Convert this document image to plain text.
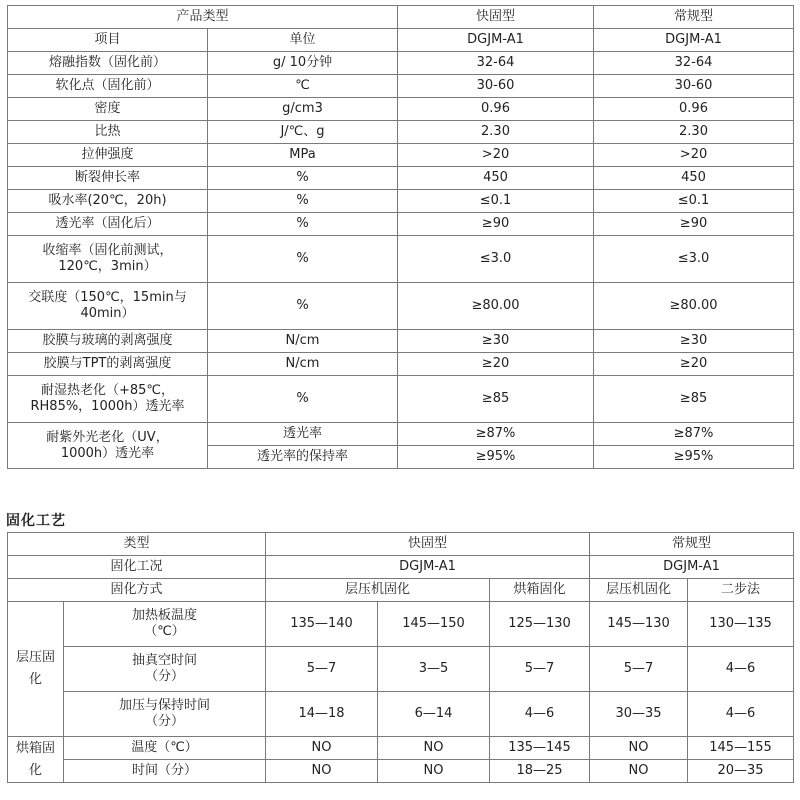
产品类型		快固型	常规型
项目	单位	DGJM-A1	DGJM-A1
熔融指数（固化前）	g/ 10分钟	32-64	32-64
软化点（固化前）	℃	30-60	30-60
密度	g/cm3	0.96	0.96
比热	J/℃、g	2.30	2.30
拉伸强度	MPa	>20	>20
断裂伸长率	%	450	450
吸水率(20℃，20h)	%	≤0.1	≤0.1
透光率（固化后）	%	≥90	≥90
收缩率（固化前测试，
120℃，3min）	%	≤3.0	≤3.0
交联度（150℃，15min与
40min）	%	≥80.00	≥80.00
胶膜与玻璃的剥离强度	N/cm	≥30	≥30
胶膜与TPT的剥离强度	N/cm	≥20	≥20
耐湿热老化（+85℃，
RH85%，1000h）透光率	%	≥85	≥85
耐紫外光老化（UV，
1000h）透光率	透光率	≥87%	≥87%
	透光率的保持率	≥95%	≥95%
固化工艺
类型		快固型			常规型	
固化工况		DGJM-A1			DGJM-A1	
固化方式		层压机固化		烘箱固化	层压机固化	二步法
层压固
化	加热板温度
（℃）	135—140	145—150	125—130	145—130	130—135
	抽真空时间
（分）	5—7	3—5	5—7	5—7	4—6
	加压与保持时间
（分）	14—18	6—14	4—6	30—35	4—6
烘箱固
化	温度（℃）	NO	NO	135—145	NO	145—155
	时间（分）	NO	NO	18—25	NO	20—35
